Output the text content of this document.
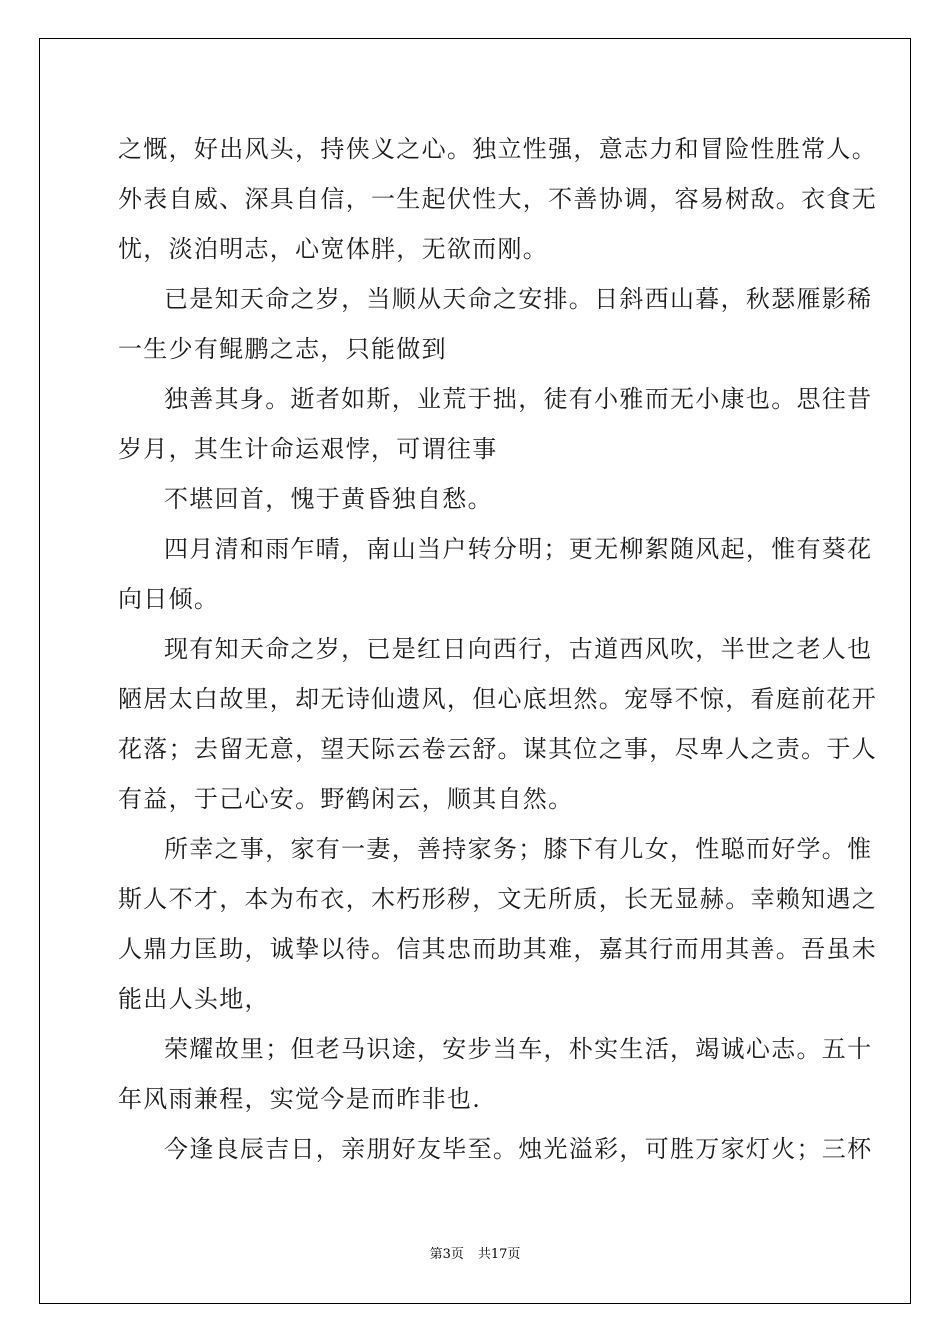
之慨，好出风头，持侠义之心。独立性强，意志力和冒险性胜常人。

外表自威、深具自信，一生起伏性大，不善协调，容易树敌。衣食无

忧，淡泊明志，心宽体胖，无欲而刚。

已是知天命之岁，当顺从天命之安排。日斜西山暮，秋瑟雁影稀

一生少有鲲鹏之志，只能做到

独善其身。逝者如斯，业荒于拙，徒有小雅而无小康也。思往昔

岁月，其生计命运艰悖，可谓往事

不堪回首，愧于黄昏独自愁。

四月清和雨乍晴，南山当户转分明；更无柳絮随风起，惟有葵花

向日倾。

现有知天命之岁，已是红日向西行，古道西风吹，半世之老人也

陋居太白故里，却无诗仙遗风，但心底坦然。宠辱不惊，看庭前花开

花落；去留无意，望天际云卷云舒。谋其位之事，尽卑人之责。于人

有益，于己心安。野鹤闲云，顺其自然。

所幸之事，家有一妻，善持家务；膝下有儿女，性聪而好学。惟

斯人不才，本为布衣，木朽形秽，文无所质，长无显赫。幸赖知遇之

人鼎力匡助，诚挚以待。信其忠而助其难，嘉其行而用其善。吾虽未

能出人头地，

荣耀故里；但老马识途，安步当车，朴实生活，竭诚心志。五十

年风雨兼程，实觉今是而昨非也.

今逢良辰吉日，亲朋好友毕至。烛光溢彩，可胜万家灯火；三杯

第3页 共17页
